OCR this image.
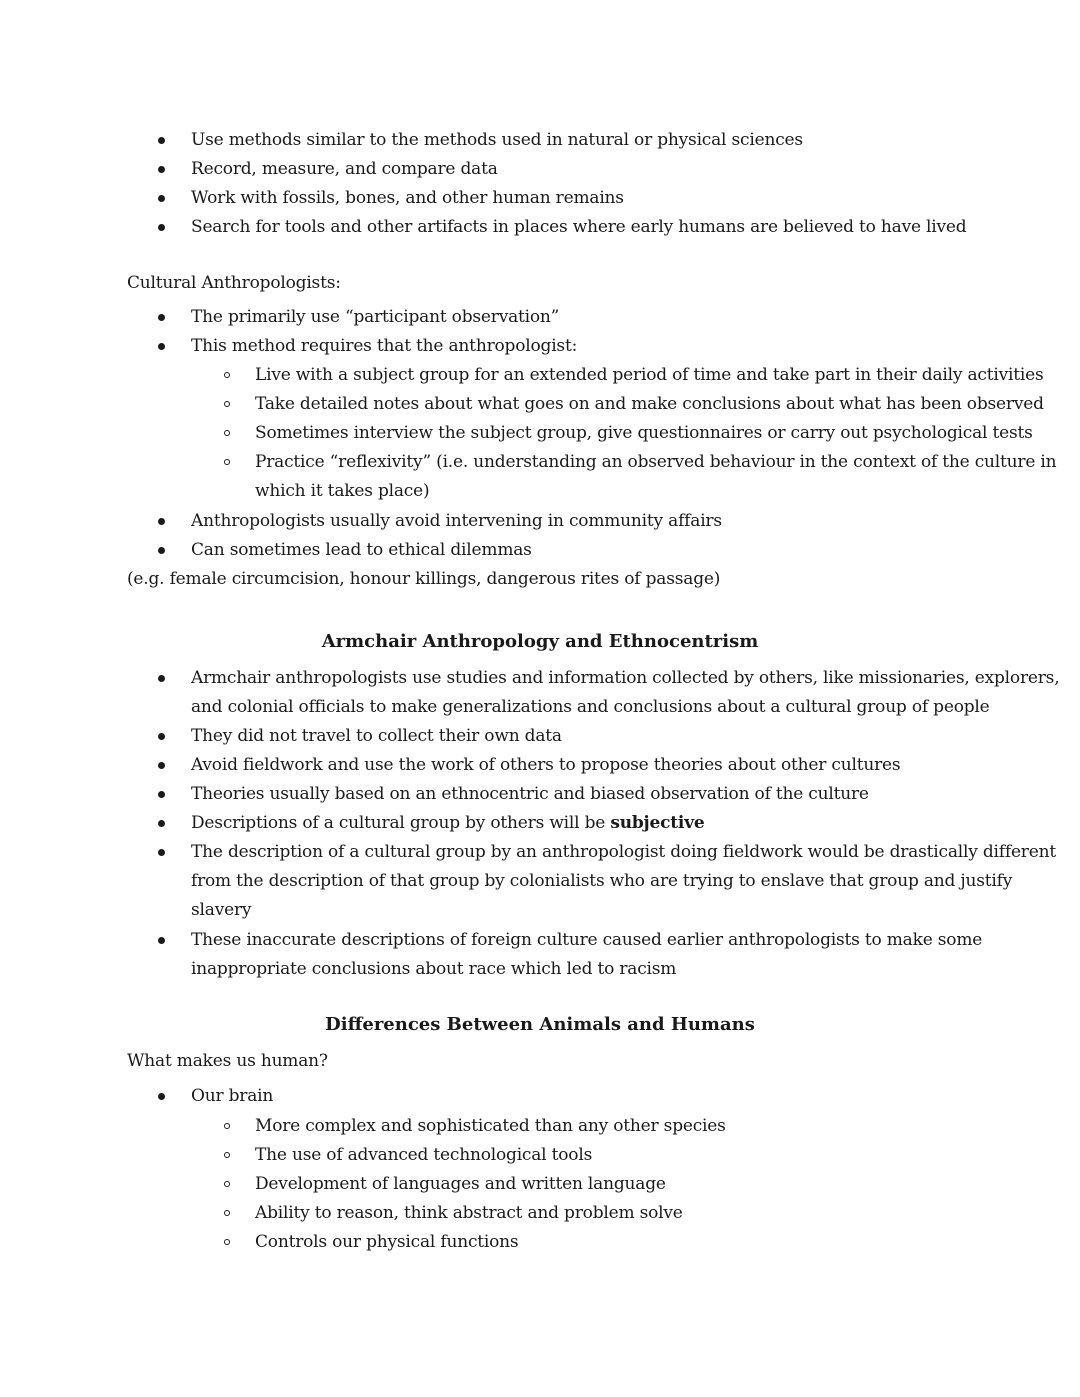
Use methods similar to the methods used in natural or physical sciences
Record, measure, and compare data
Work with fossils, bones, and other human remains
Search for tools and other artifacts in places where early humans are believed to have lived
Cultural Anthropologists:
The primarily use “participant observation”
This method requires that the anthropologist:
Live with a subject group for an extended period of time and take part in their daily activities
Take detailed notes about what goes on and make conclusions about what has been observed
Sometimes interview the subject group, give questionnaires or carry out psychological tests
Practice “reflexivity” (i.e. understanding an observed behaviour in the context of the culture in
which it takes place)
Anthropologists usually avoid intervening in community affairs
Can sometimes lead to ethical dilemmas
(e.g. female circumcision, honour killings, dangerous rites of passage)
Armchair Anthropology and Ethnocentrism
Armchair anthropologists use studies and information collected by others, like missionaries, explorers,
and colonial officials to make generalizations and conclusions about a cultural group of people
They did not travel to collect their own data
Avoid fieldwork and use the work of others to propose theories about other cultures
Theories usually based on an ethnocentric and biased observation of the culture
Descriptions of a cultural group by others will be subjective
The description of a cultural group by an anthropologist doing fieldwork would be drastically different
from the description of that group by colonialists who are trying to enslave that group and justify
slavery
These inaccurate descriptions of foreign culture caused earlier anthropologists to make some
inappropriate conclusions about race which led to racism
Differences Between Animals and Humans
What makes us human?
Our brain
More complex and sophisticated than any other species
The use of advanced technological tools
Development of languages and written language
Ability to reason, think abstract and problem solve
Controls our physical functions
